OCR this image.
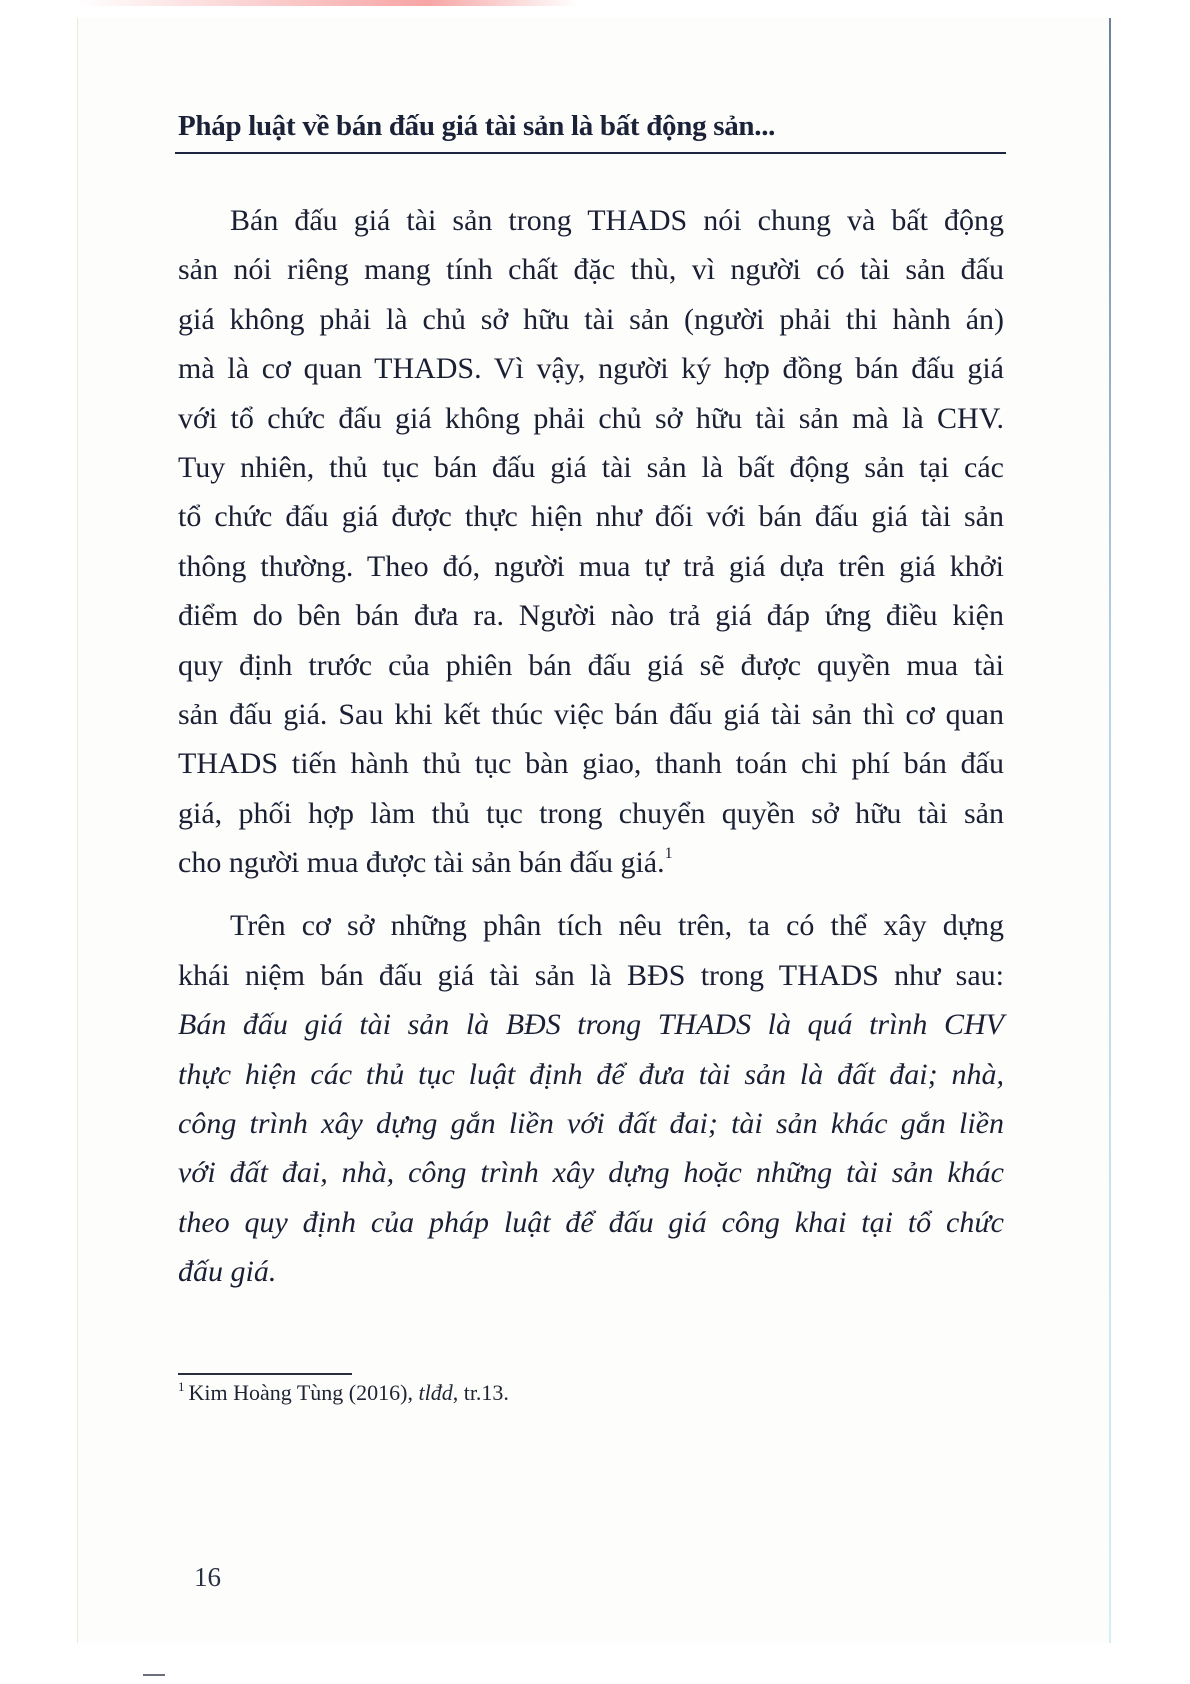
Pháp luật về bán đấu giá tài sản là bất động sản...
Bán đấu giá tài sản trong THADS nói chung và bất động
sản nói riêng mang tính chất đặc thù, vì người có tài sản đấu
giá không phải là chủ sở hữu tài sản (người phải thi hành án)
mà là cơ quan THADS. Vì vậy, người ký hợp đồng bán đấu giá
với tổ chức đấu giá không phải chủ sở hữu tài sản mà là CHV.
Tuy nhiên, thủ tục bán đấu giá tài sản là bất động sản tại các
tổ chức đấu giá được thực hiện như đối với bán đấu giá tài sản
thông thường. Theo đó, người mua tự trả giá dựa trên giá khởi
điểm do bên bán đưa ra. Người nào trả giá đáp ứng điều kiện
quy định trước của phiên bán đấu giá sẽ được quyền mua tài
sản đấu giá. Sau khi kết thúc việc bán đấu giá tài sản thì cơ quan
THADS tiến hành thủ tục bàn giao, thanh toán chi phí bán đấu
giá, phối hợp làm thủ tục trong chuyển quyền sở hữu tài sản
cho người mua được tài sản bán đấu giá.$^1$
Trên cơ sở những phân tích nêu trên, ta có thể xây dựng
khái niệm bán đấu giá tài sản là BĐS trong THADS như sau:
Bán đấu giá tài sản là BĐS trong THADS là quá trình CHV
thực hiện các thủ tục luật định để đưa tài sản là đất đai; nhà,
công trình xây dựng gắn liền với đất đai; tài sản khác gắn liền
với đất đai, nhà, công trình xây dựng hoặc những tài sản khác
theo quy định của pháp luật để đấu giá công khai tại tổ chức
đấu giá.
$^1$ Kim Hoàng Tùng (2016), tlđd, tr.13.
16
